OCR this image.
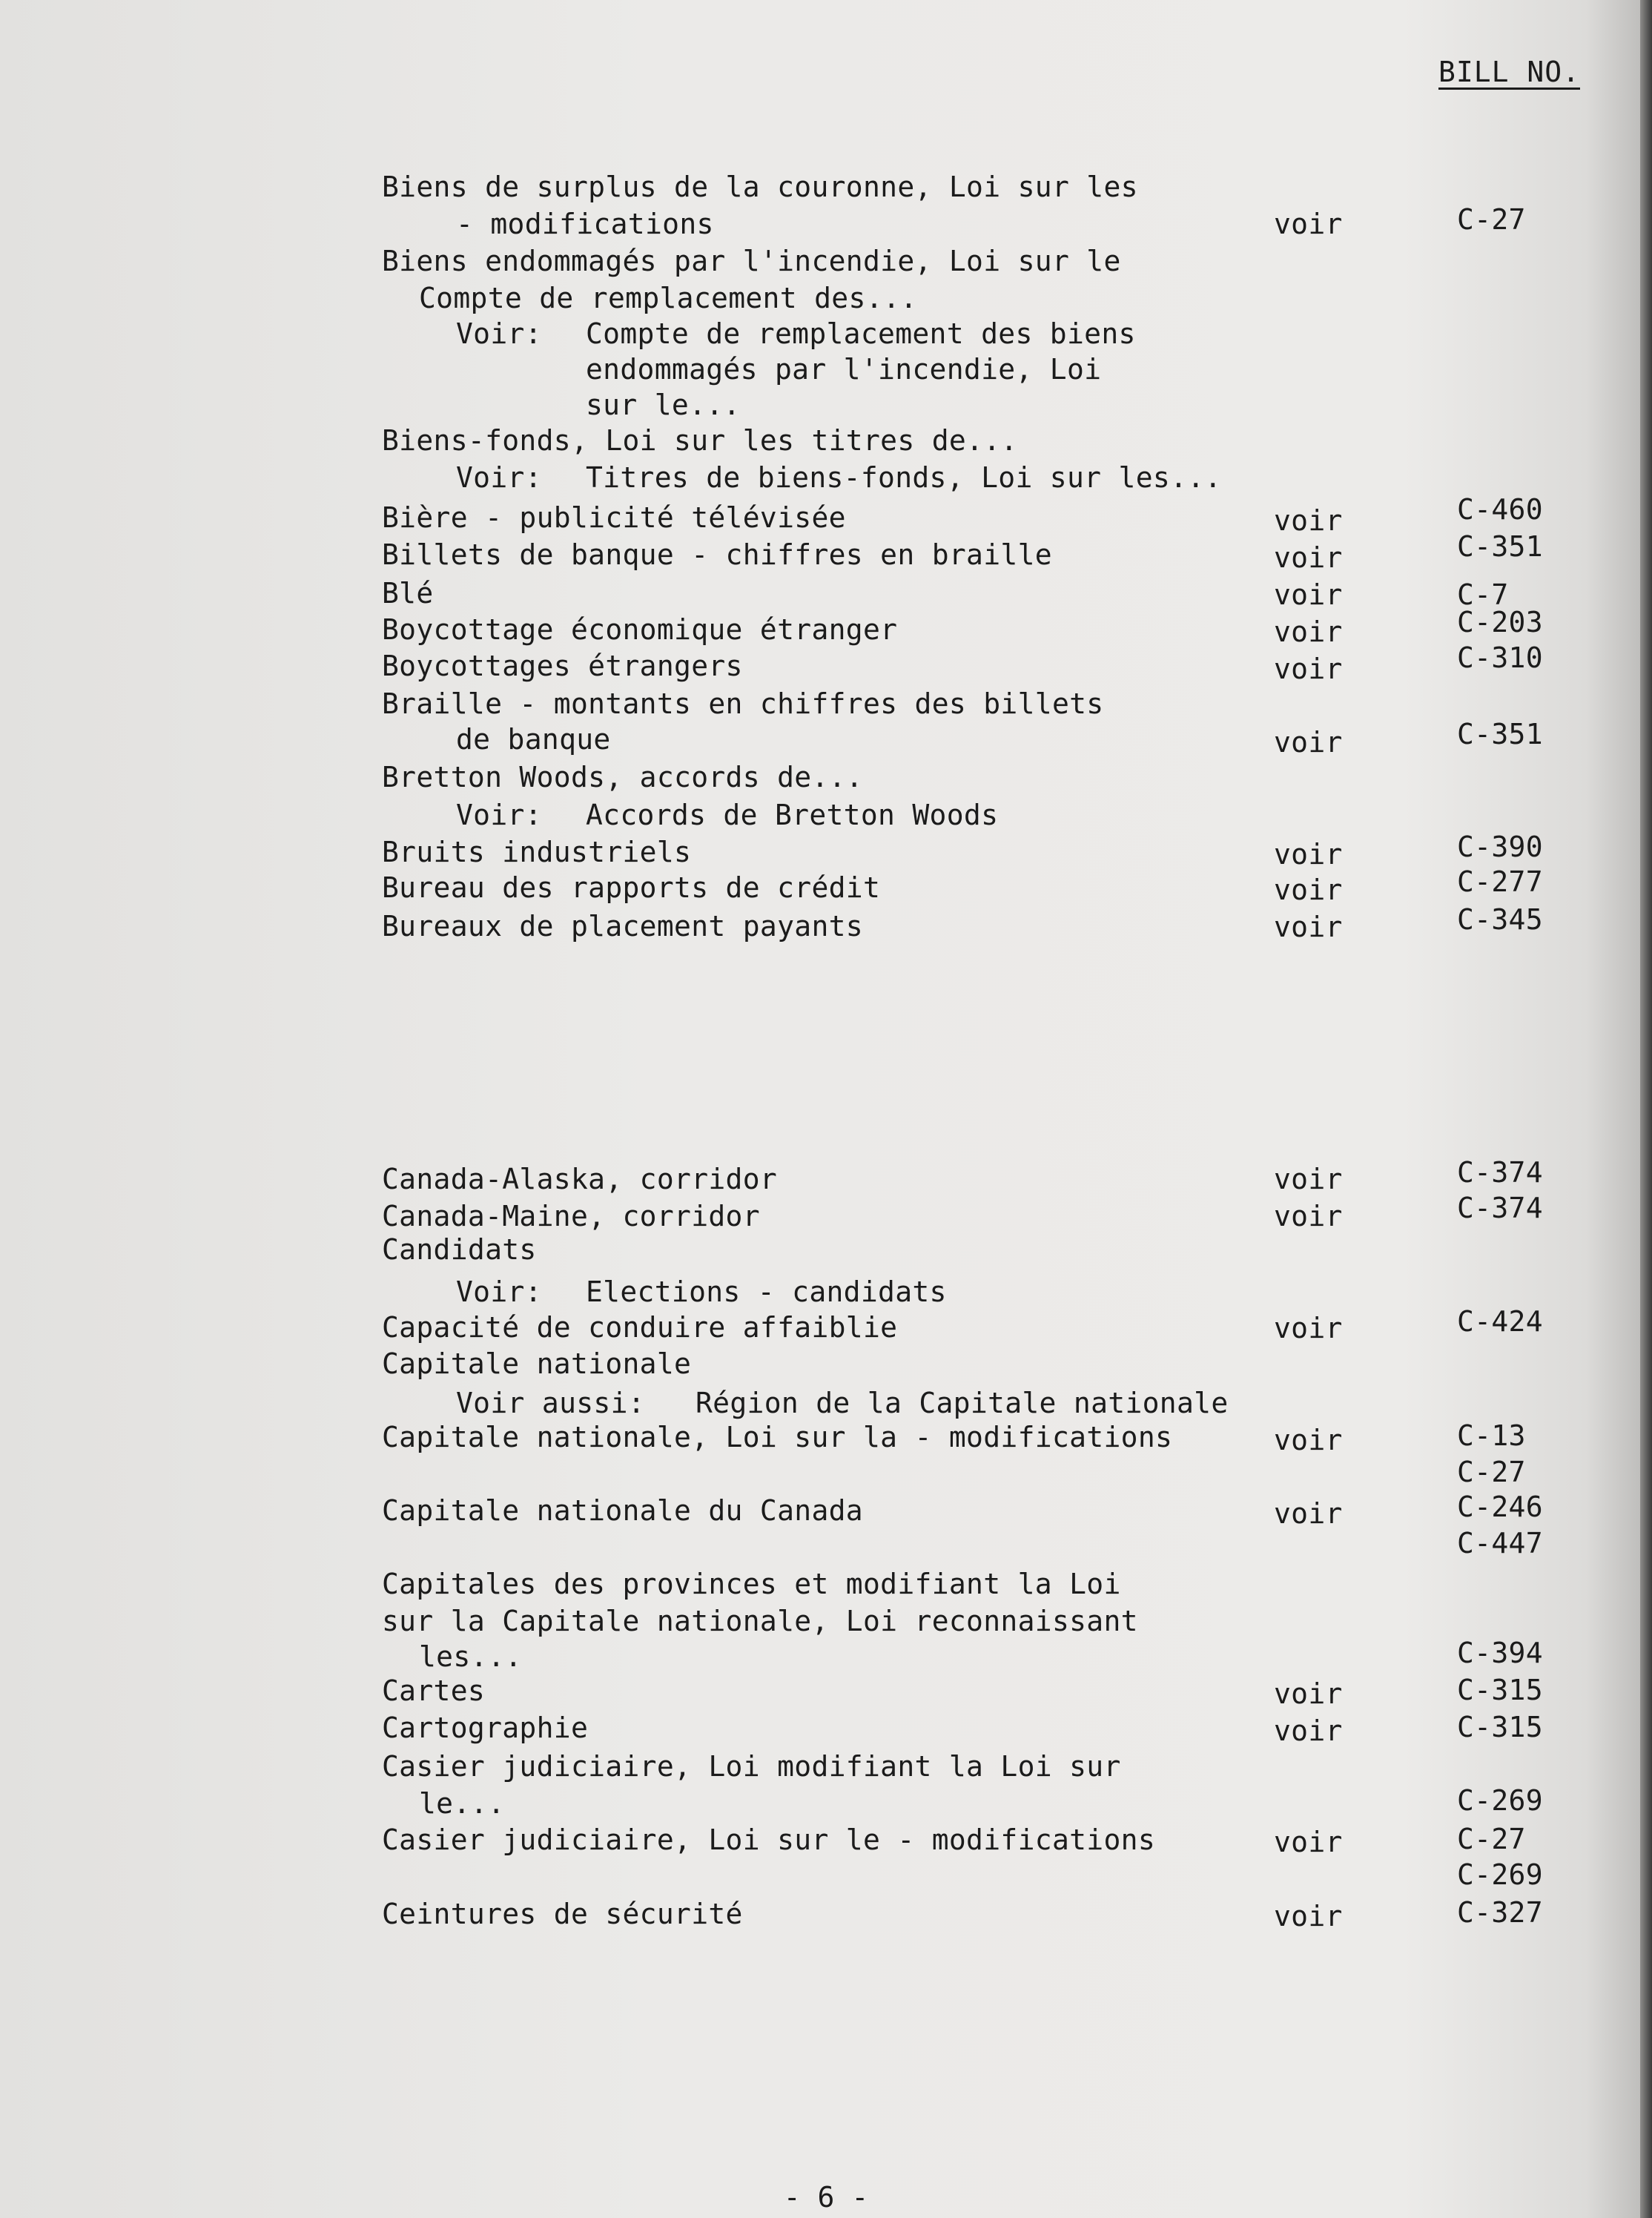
BILL NO.
Biens de surplus de la couronne, Loi sur les
- modifications	voir	C-27
Biens endommagés par l'incendie, Loi sur le
Compte de remplacement des...
Voir: Compte de remplacement des biens
endommagés par l'incendie, Loi
sur le...
Biens-fonds, Loi sur les titres de...
Voir: Titres de biens-fonds, Loi sur les...
Bière - publicité télévisée	voir	C-460
Billets de banque - chiffres en braille	voir	C-351
Blé	voir	C-7
Boycottage économique étranger	voir	C-203
Boycottages étrangers	voir	C-310
Braille - montants en chiffres des billets
de banque	voir	C-351
Bretton Woods, accords de...
Voir: Accords de Bretton Woods
Bruits industriels	voir	C-390
Bureau des rapports de crédit	voir	C-277
Bureaux de placement payants	voir	C-345
Canada-Alaska, corridor	voir	C-374
Canada-Maine, corridor	voir	C-374
Candidats
Voir: Elections - candidats
Capacité de conduire affaiblie	voir	C-424
Capitale nationale
Voir aussi: Région de la Capitale nationale
Capitale nationale, Loi sur la - modifications	voir	C-13
C-27
Capitale nationale du Canada	voir	C-246
C-447
Capitales des provinces et modifiant la Loi
sur la Capitale nationale, Loi reconnaissant
les...	C-394
Cartes	voir	C-315
Cartographie	voir	C-315
Casier judiciaire, Loi modifiant la Loi sur
le...	C-269
Casier judiciaire, Loi sur le - modifications	voir	C-27
C-269
Ceintures de sécurité	voir	C-327
- 6 -
